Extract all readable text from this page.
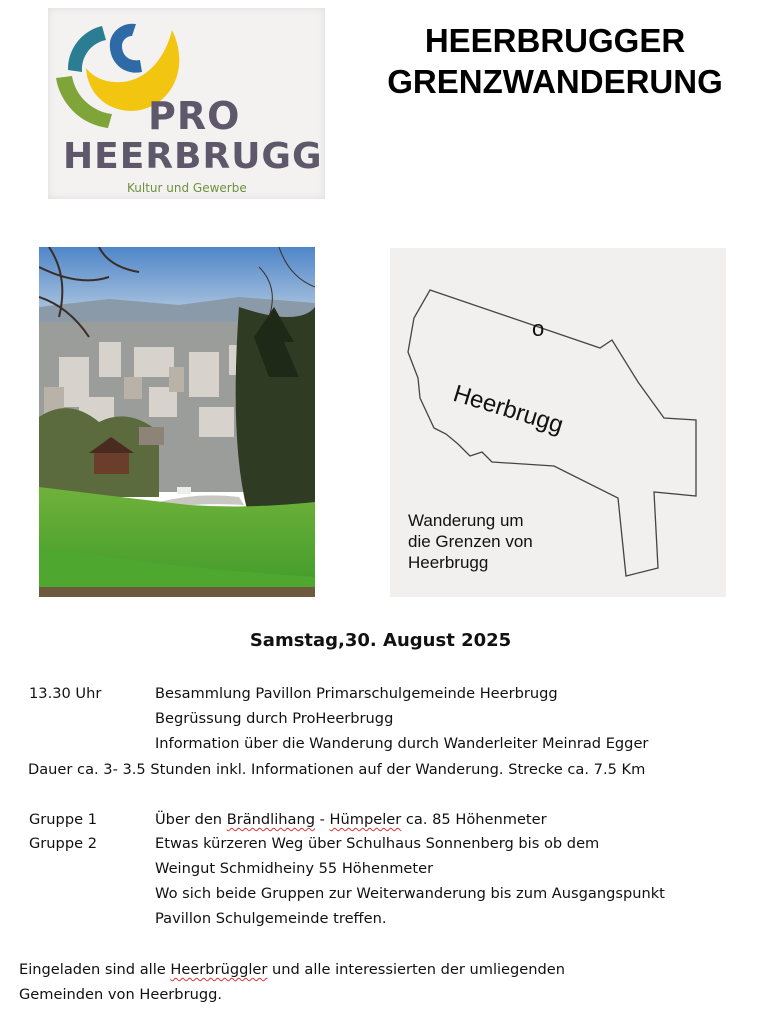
PRO
HEERBRUGG
Kultur und Gewerbe
HEERBRUGGER
GRENZWANDERUNG
o
Heerbrugg
Wanderung um
die Grenzen von
Heerbrugg
Samstag,30. August 2025
13.30 Uhr	Besammlung Pavillon Primarschulgemeinde Heerbrugg
Begrüssung durch ProHeerbrugg
Information über die Wanderung durch Wanderleiter Meinrad Egger
Dauer ca. 3- 3.5 Stunden inkl. Informationen auf der Wanderung. Strecke ca. 7.5 Km
Gruppe 1	Über den Brändlihang - Hümpeler ca. 85 Höhenmeter
Gruppe 2	Etwas kürzeren Weg über Schulhaus Sonnenberg bis ob dem
Weingut Schmidheiny 55 Höhenmeter
Wo sich beide Gruppen zur Weiterwanderung bis zum Ausgangspunkt
Pavillon Schulgemeinde treffen.
Eingeladen sind alle Heerbrüggler und alle interessierten der umliegenden
Gemeinden von Heerbrugg.
